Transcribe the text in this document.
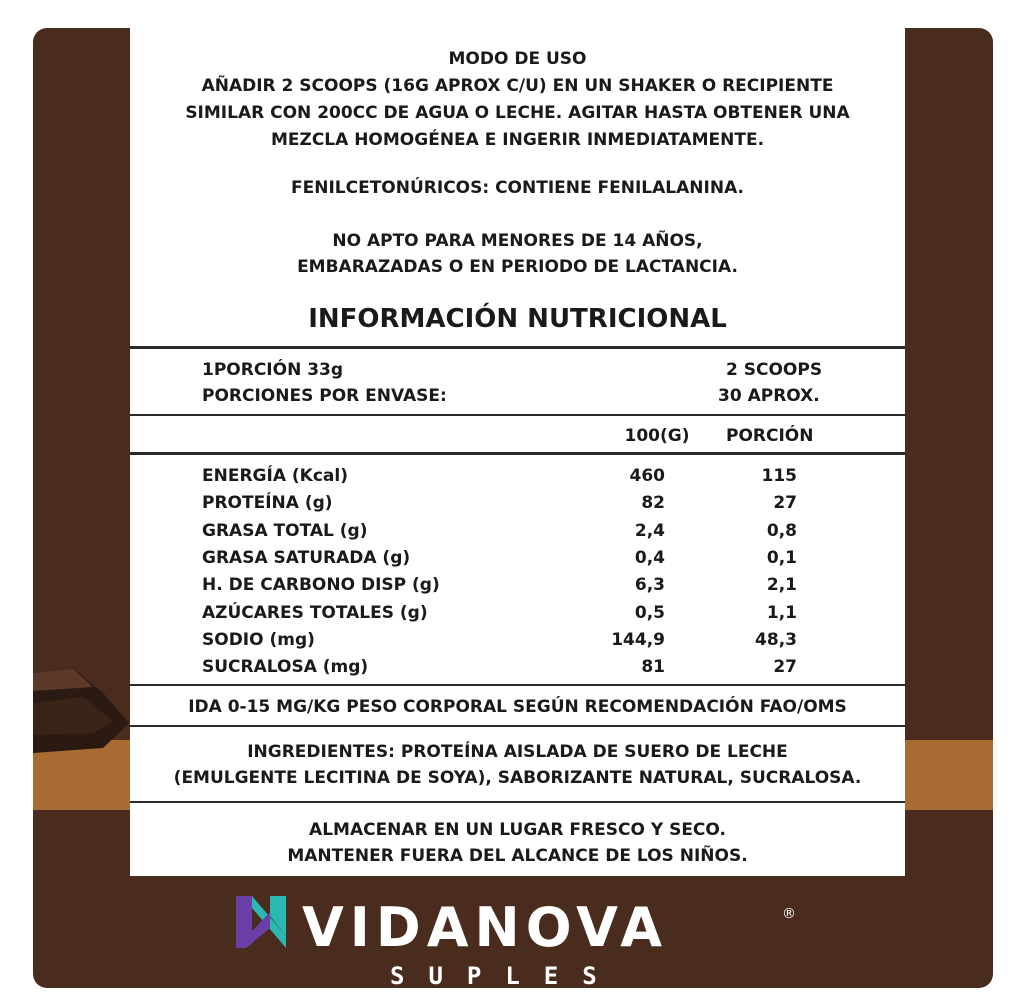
MODO DE USO
AÑADIR 2 SCOOPS (16G APROX C/U) EN UN SHAKER O RECIPIENTE
SIMILAR CON 200CC DE AGUA O LECHE. AGITAR HASTA OBTENER UNA
MEZCLA HOMOGÉNEA E INGERIR INMEDIATAMENTE.
FENILCETONÚRICOS: CONTIENE FENILALANINA.
NO APTO PARA MENORES DE 14 AÑOS,
EMBARAZADAS O EN PERIODO DE LACTANCIA.
INFORMACIÓN NUTRICIONAL
1PORCIÓN 33g	2 SCOOPS
PORCIONES POR ENVASE:	30 APROX.
100(G)	PORCIÓN
ENERGÍA (Kcal)	460	115
PROTEÍNA (g)	82	27
GRASA TOTAL (g)	2,4	0,8
GRASA SATURADA (g)	0,4	0,1
H. DE CARBONO DISP (g)	6,3	2,1
AZÚCARES TOTALES (g)	0,5	1,1
SODIO (mg)	144,9	48,3
SUCRALOSA (mg)	81	27
IDA 0-15 MG/KG PESO CORPORAL SEGÚN RECOMENDACIÓN FAO/OMS
INGREDIENTES: PROTEÍNA AISLADA DE SUERO DE LECHE
(EMULGENTE LECITINA DE SOYA), SABORIZANTE NATURAL, SUCRALOSA.
ALMACENAR EN UN LUGAR FRESCO Y SECO.
MANTENER FUERA DEL ALCANCE DE LOS NIÑOS.
VIDANOVA	®
SUPLES
